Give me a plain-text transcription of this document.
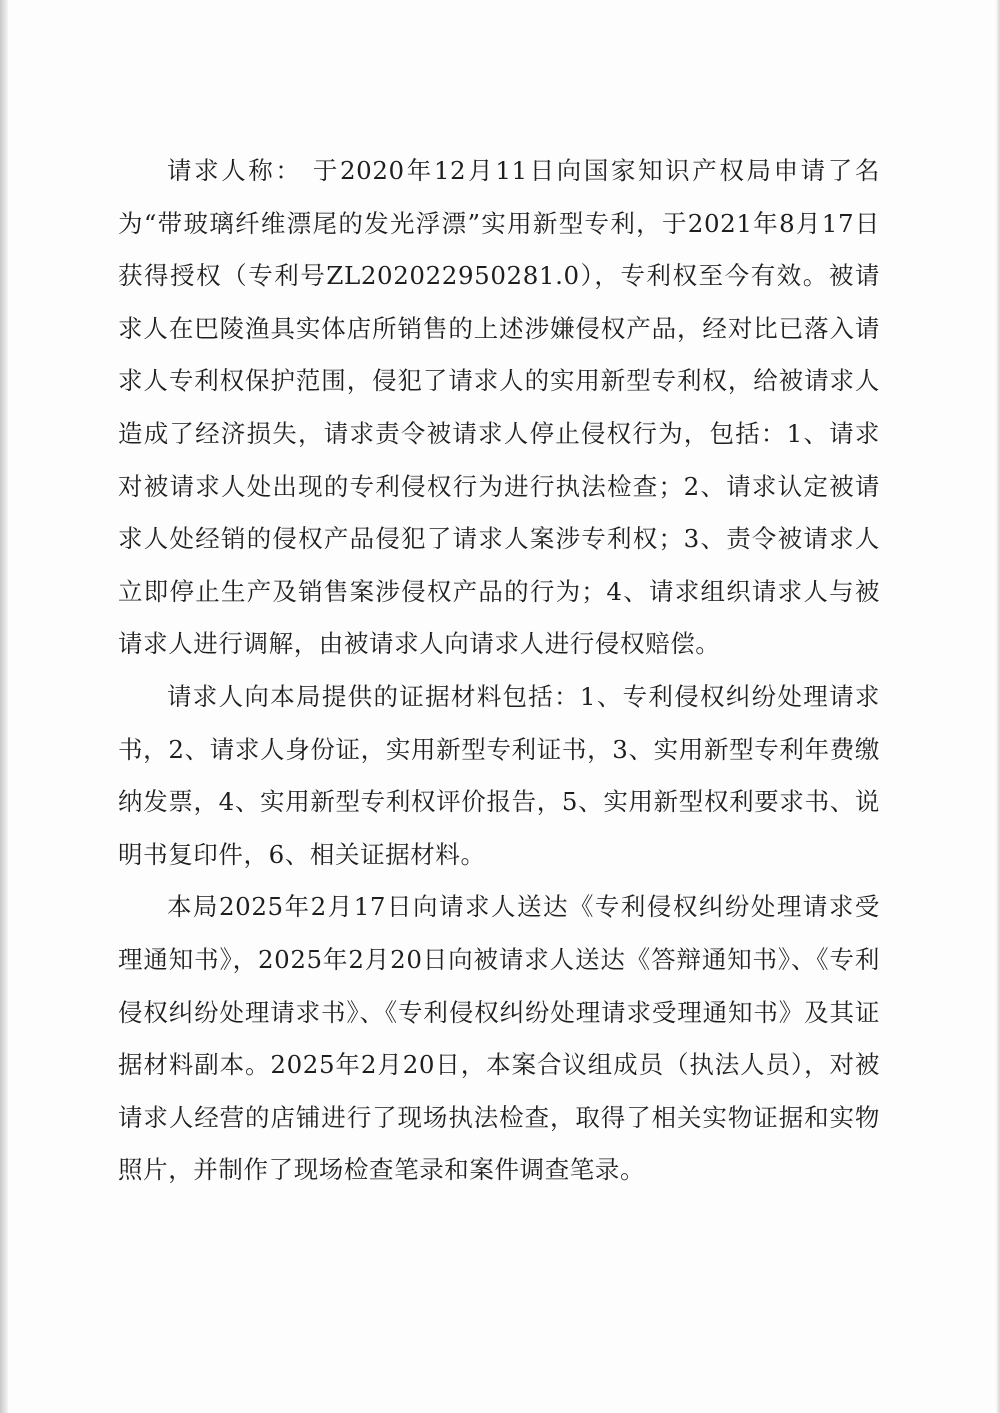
请求人称： 于2020年12月11日向国家知识产权局申请了名为“带玻璃纤维漂尾的发光浮漂”实用新型专利，于2021年8月17日获得授权（专利号ZL202022950281.0），专利权至今有效。被请求人在巴陵渔具实体店所销售的上述涉嫌侵权产品，经对比已落入请求人专利权保护范围，侵犯了请求人的实用新型专利权，给被请求人造成了经济损失，请求责令被请求人停止侵权行为，包括：1、请求对被请求人处出现的专利侵权行为进行执法检查；2、请求认定被请求人处经销的侵权产品侵犯了请求人案涉专利权；3、责令被请求人立即停止生产及销售案涉侵权产品的行为；4、请求组织请求人与被请求人进行调解，由被请求人向请求人进行侵权赔偿。

请求人向本局提供的证据材料包括：1、专利侵权纠纷处理请求书，2、请求人身份证，实用新型专利证书，3、实用新型专利年费缴纳发票，4、实用新型专利权评价报告，5、实用新型权利要求书、说明书复印件，6、相关证据材料。

本局2025年2月17日向请求人送达《专利侵权纠纷处理请求受理通知书》，2025年2月20日向被请求人送达《答辩通知书》、《专利侵权纠纷处理请求书》、《专利侵权纠纷处理请求受理通知书》及其证据材料副本。2025年2月20日，本案合议组成员（执法人员），对被请求人经营的店铺进行了现场执法检查，取得了相关实物证据和实物照片，并制作了现场检查笔录和案件调查笔录。
